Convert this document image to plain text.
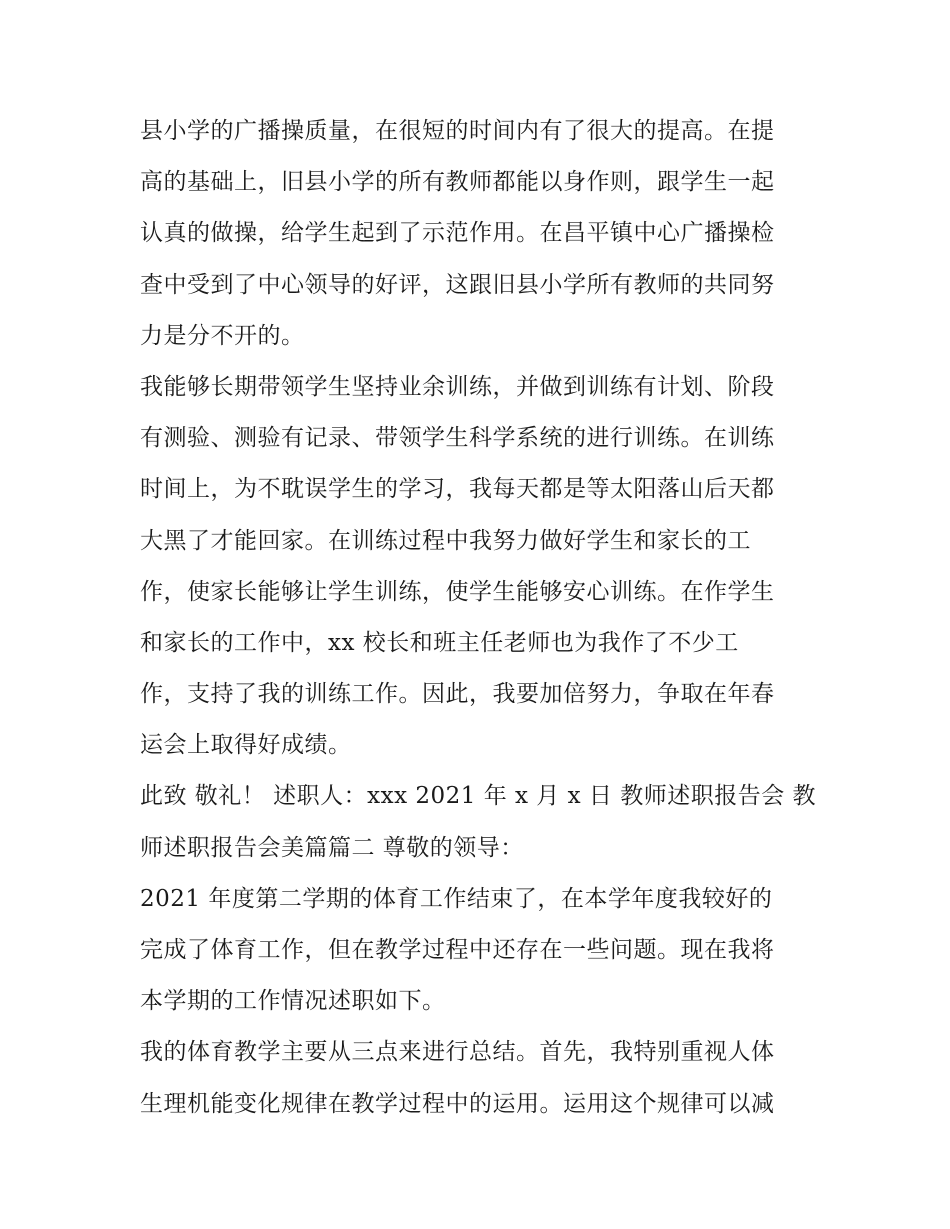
县小学的广播操质量，在很短的时间内有了很大的提高。在提
高的基础上，旧县小学的所有教师都能以身作则，跟学生一起
认真的做操，给学生起到了示范作用。在昌平镇中心广播操检
查中受到了中心领导的好评，这跟旧县小学所有教师的共同努
力是分不开的。
我能够长期带领学生坚持业余训练，并做到训练有计划、阶段
有测验、测验有记录、带领学生科学系统的进行训练。在训练
时间上，为不耽误学生的学习，我每天都是等太阳落山后天都
大黑了才能回家。在训练过程中我努力做好学生和家长的工
作，使家长能够让学生训练，使学生能够安心训练。在作学生
和家长的工作中，xx 校长和班主任老师也为我作了不少工
作，支持了我的训练工作。因此，我要加倍努力，争取在年春
运会上取得好成绩。
此致 敬礼！ 述职人：xxx 2021 年 x 月 x 日 教师述职报告会 教
师述职报告会美篇篇二 尊敬的领导：
2021 年度第二学期的体育工作结束了，在本学年度我较好的
完成了体育工作，但在教学过程中还存在一些问题。现在我将
本学期的工作情况述职如下。
我的体育教学主要从三点来进行总结。首先，我特别重视人体
生理机能变化规律在教学过程中的运用。运用这个规律可以减
